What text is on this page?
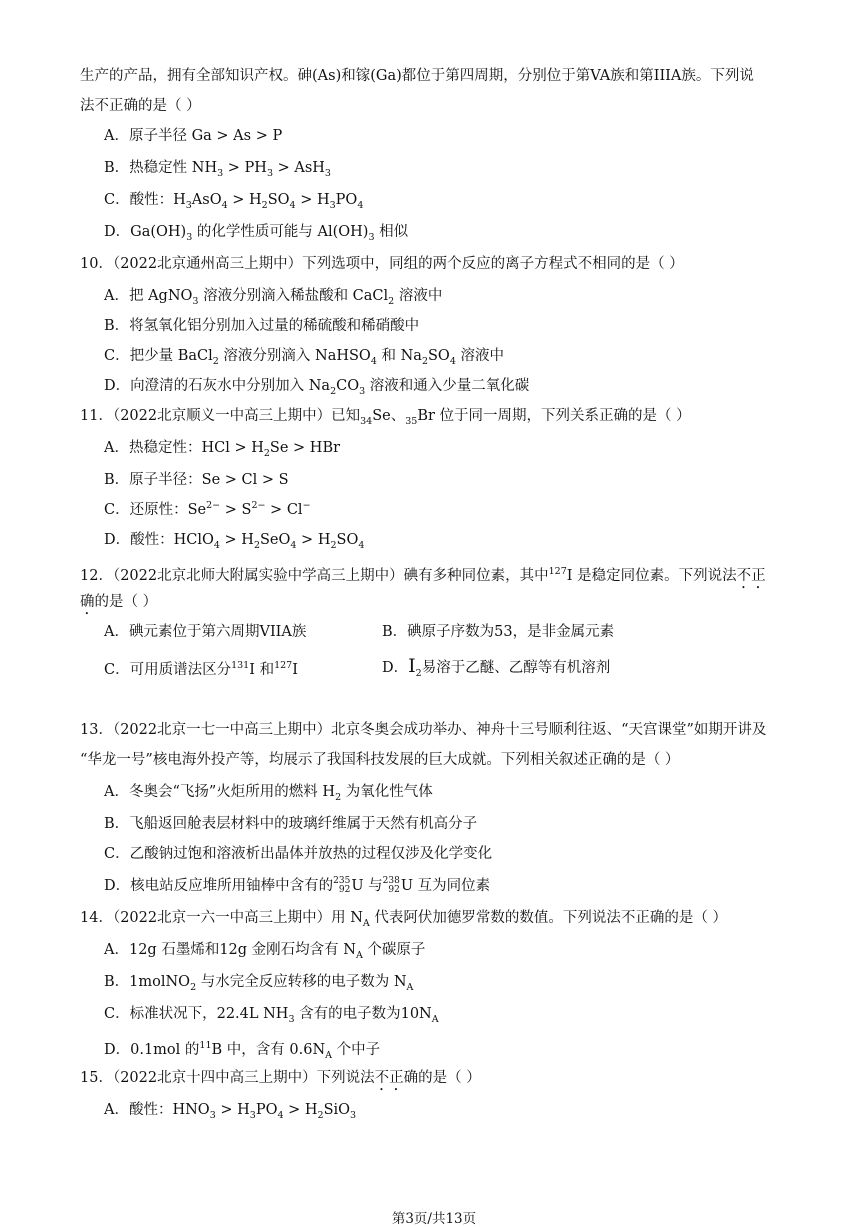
生产的产品，拥有全部知识产权。砷(As)和镓(Ga)都位于第四周期，分别位于第VA族和第IIIA族。下列说
法不正确的是（ ）
A．原子半径 Ga > As > P
B．热稳定性 $NH_3 > PH_3 > AsH_3$
C．酸性：$H_3AsO_4 > H_2SO_4 > H_3PO_4$
D．$Ga(OH)_3$ 的化学性质可能与 $Al(OH)_3$ 相似
10．（2022北京通州高三上期中）下列选项中，同组的两个反应的离子方程式不相同的是（ ）
A．把 AgNO$_3$ 溶液分别滴入稀盐酸和 CaCl$_2$ 溶液中
B．将氢氧化铝分别加入过量的稀硫酸和稀硝酸中
C．把少量 BaCl$_2$ 溶液分别滴入 NaHSO$_4$ 和 $Na_2SO_4$ 溶液中
D．向澄清的石灰水中分别加入 $Na_2CO_3$ 溶液和通入少量二氧化碳
11．（2022北京顺义一中高三上期中）已知$_{34}$Se、$_{35}$Br 位于同一周期，下列关系正确的是（ ）
A．热稳定性：HCl > $H_2Se$ > HBr
B．原子半径：Se > Cl > S
C．还原性：$Se^{2-} > S^{2-} > Cl^-$
D．酸性：HClO$_4$ > $H_2SeO_4 > H_2SO_4$
12．（2022北京北师大附属实验中学高三上期中）碘有多种同位素，其中$^{127}$I 是稳定同位素。下列说法不正
确的是（ ）
A．碘元素位于第六周期VIIA族	B．碘原子序数为53，是非金属元素
C．可用质谱法区分$^{131}$I 和$^{127}$I	D．$I_2$易溶于乙醚、乙醇等有机溶剂
13．（2022北京一七一中高三上期中）北京冬奥会成功举办、神舟十三号顺利往返、“天宫课堂”如期开讲及
“华龙一号”核电海外投产等，均展示了我国科技发展的巨大成就。下列相关叙述正确的是（ ）
A．冬奥会“飞扬”火炬所用的燃料 $H_2$ 为氧化性气体
B．飞船返回舱表层材料中的玻璃纤维属于天然有机高分子
C．乙酸钠过饱和溶液析出晶体并放热的过程仅涉及化学变化
D．核电站反应堆所用铀棒中含有的235
92U 与238
92U 互为同位素
14．（2022北京一六一中高三上期中）用 $N_A$ 代表阿伏加德罗常数的数值。下列说法不正确的是（ ）
A．12g 石墨烯和12g 金刚石均含有 $N_A$ 个碳原子
B．1molNO$_2$ 与水完全反应转移的电子数为 $N_A$
C．标准状况下，22.4L $NH_3$ 含有的电子数为$10N_A$
D．0.1mol 的$^{11}$B 中，含有 $0.6N_A$ 个中子
15．（2022北京十四中高三上期中）下列说法不正确的是（ ）
A．酸性：$HNO_3 > H_3PO_4 > H_2SiO_3$
第3页/共13页
